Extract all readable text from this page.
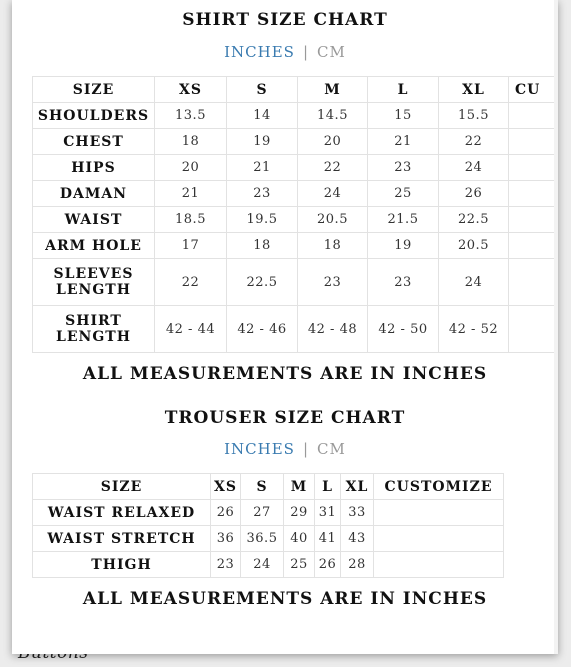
SHIRT SIZE CHART
INCHES | CM
SIZE	XS	S	M	L	XL	CU
SHOULDERS	13.5	14	14.5	15	15.5	
CHEST	18	19	20	21	22	
HIPS	20	21	22	23	24	
DAMAN	21	23	24	25	26	
WAIST	18.5	19.5	20.5	21.5	22.5	
ARM HOLE	17	18	18	19	20.5	
SLEEVES LENGTH	22	22.5	23	23	24	
SHIRT LENGTH	42 - 44	42 - 46	42 - 48	42 - 50	42 - 52	
ALL MEASUREMENTS ARE IN INCHES
TROUSER SIZE CHART
INCHES | CM
SIZE	XS	S	M	L	XL	CUSTOMIZE
WAIST RELAXED	26	27	29	31	33	
WAIST STRETCH	36	36.5	40	41	43	
THIGH	23	24	25	26	28	
ALL MEASUREMENTS ARE IN INCHES
